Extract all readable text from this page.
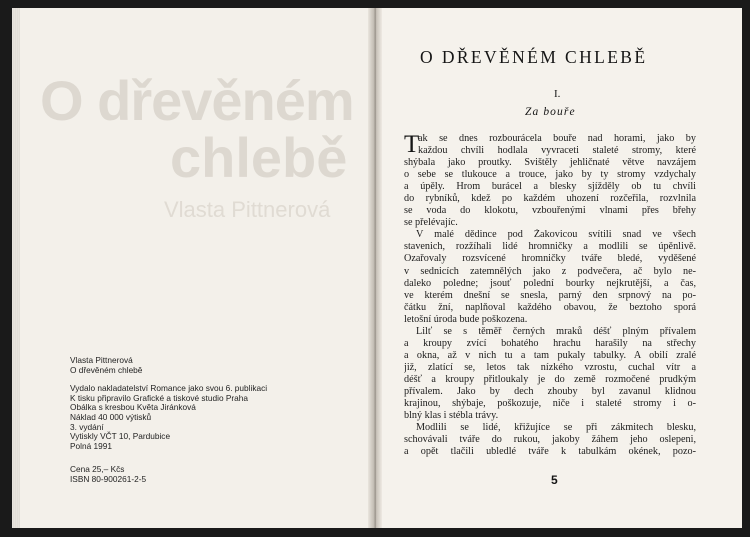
O dřevěném
chlebě
Vlasta Pittnerová
Vlasta Pittnerová
O dřevěném chlebě
Vydalo nakladatelství Romance jako svou 6. publikaci
K tisku připravilo Grafické a tiskové studio Praha
Obálka s kresbou Květa Jiránková
Náklad 40 000 výtisků
3. vydání
Vytiskly VČT 10, Pardubice
Polná 1991
Cena 25,– Kčs
ISBN 80-900261-2-5
O DŘEVĚNÉM CHLEBĚ
I.
Za bouře
T
ak se dnes rozbourácela bouře nad horami, jako by
každou chvíli hodlala vyvraceti staleté stromy, které
shýbala jako proutky. Svištěly jehličnaté větve navzájem
o sebe se tlukouce a trouce, jako by ty stromy vzdychaly
a úpěly. Hrom burácel a blesky sjížděly ob tu chvíli
do rybníků, kdež po každém uhození rozčeřila, rozvlnila
se voda do klokotu, vzbouřenými vlnami přes břehy
se přelévajíc.
V malé dědince pod Žakovicou svítili snad ve všech
stavenich, rozžíhali lidé hromničky a modlili se úpěnlivě.
Ozařovaly rozsvícené hromničky tváře bledé, vyděšené
v sednicích zatemnělých jako z podvečera, ač bylo ne-
daleko poledne; jsouť polední bourky nejkrutější, a čas,
ve kterém dnešní se snesla, parný den srpnový na po-
čátku žní, naplňoval každého obavou, že beztoho sporá
letošní úroda bude poškozena.
Lilť se s těměř černých mraků déšť plným přívalem
a kroupy zvící bohatého hrachu harašily na střechy
a okna, až v nich tu a tam pukaly tabulky. A obilí zralé
již, zlatící se, letos tak nízkého vzrostu, cuchal vítr a
déšť a kroupy přitloukaly je do země rozmočené prudkým
přívalem. Jako by dech zhouby byl zavanul klidnou
krajinou, shýbaje, poškozuje, niče i staleté stromy i o-
blný klas i stébla trávy.
Modlili se lidé, křižujíce se při zákmitech blesku,
schovávali tváře do rukou, jakoby žáhem jeho oslepeni,
a opět tlačili ubledlé tváře k tabulkám okének, pozo-
5
